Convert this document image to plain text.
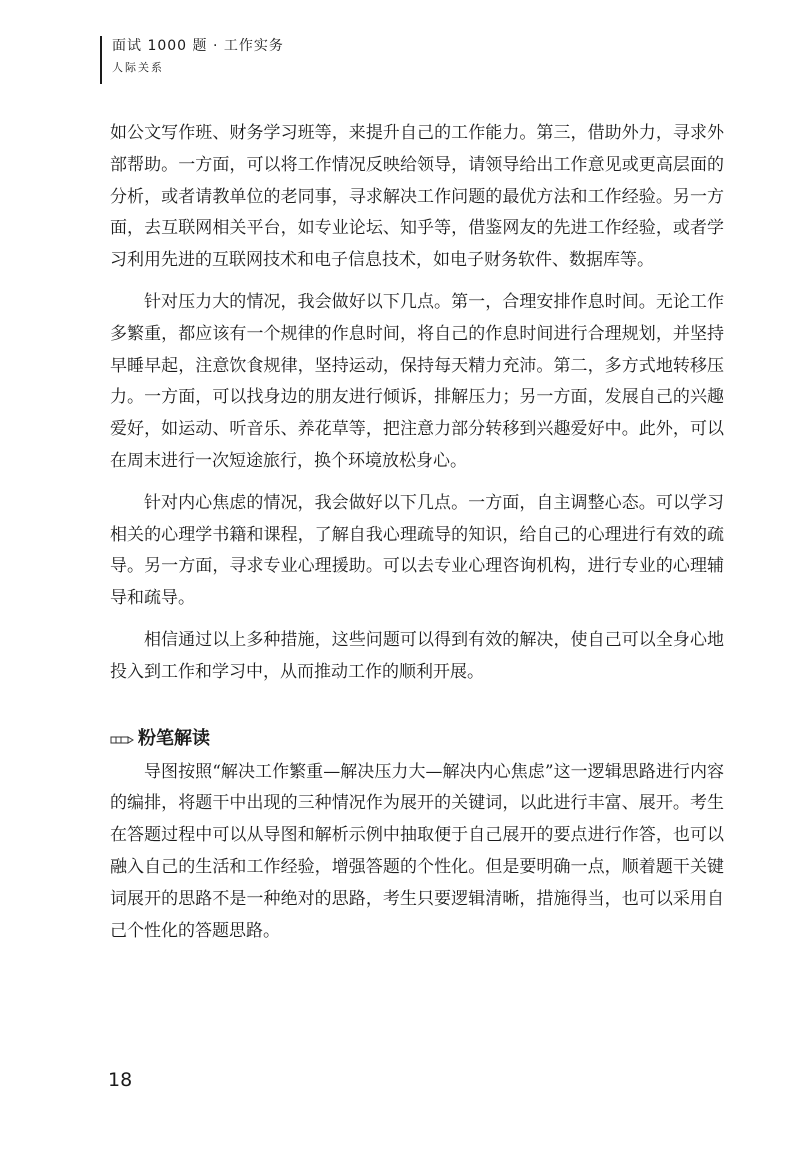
面试 1000 题 · 工作实务
人际关系

如公文写作班、财务学习班等，来提升自己的工作能力。第三，借助外力，寻求外部帮助。一方面，可以将工作情况反映给领导，请领导给出工作意见或更高层面的分析，或者请教单位的老同事，寻求解决工作问题的最优方法和工作经验。另一方面，去互联网相关平台，如专业论坛、知乎等，借鉴网友的先进工作经验，或者学习利用先进的互联网技术和电子信息技术，如电子财务软件、数据库等。

针对压力大的情况，我会做好以下几点。第一，合理安排作息时间。无论工作多繁重，都应该有一个规律的作息时间，将自己的作息时间进行合理规划，并坚持早睡早起，注意饮食规律，坚持运动，保持每天精力充沛。第二，多方式地转移压力。一方面，可以找身边的朋友进行倾诉，排解压力；另一方面，发展自己的兴趣爱好，如运动、听音乐、养花草等，把注意力部分转移到兴趣爱好中。此外，可以在周末进行一次短途旅行，换个环境放松身心。

针对内心焦虑的情况，我会做好以下几点。一方面，自主调整心态。可以学习相关的心理学书籍和课程，了解自我心理疏导的知识，给自己的心理进行有效的疏导。另一方面，寻求专业心理援助。可以去专业心理咨询机构，进行专业的心理辅导和疏导。

相信通过以上多种措施，这些问题可以得到有效的解决，使自己可以全身心地投入到工作和学习中，从而推动工作的顺利开展。

粉笔解读

导图按照“解决工作繁重—解决压力大—解决内心焦虑”这一逻辑思路进行内容的编排，将题干中出现的三种情况作为展开的关键词，以此进行丰富、展开。考生在答题过程中可以从导图和解析示例中抽取便于自己展开的要点进行作答，也可以融入自己的生活和工作经验，增强答题的个性化。但是要明确一点，顺着题干关键词展开的思路不是一种绝对的思路，考生只要逻辑清晰，措施得当，也可以采用自己个性化的答题思路。

18
